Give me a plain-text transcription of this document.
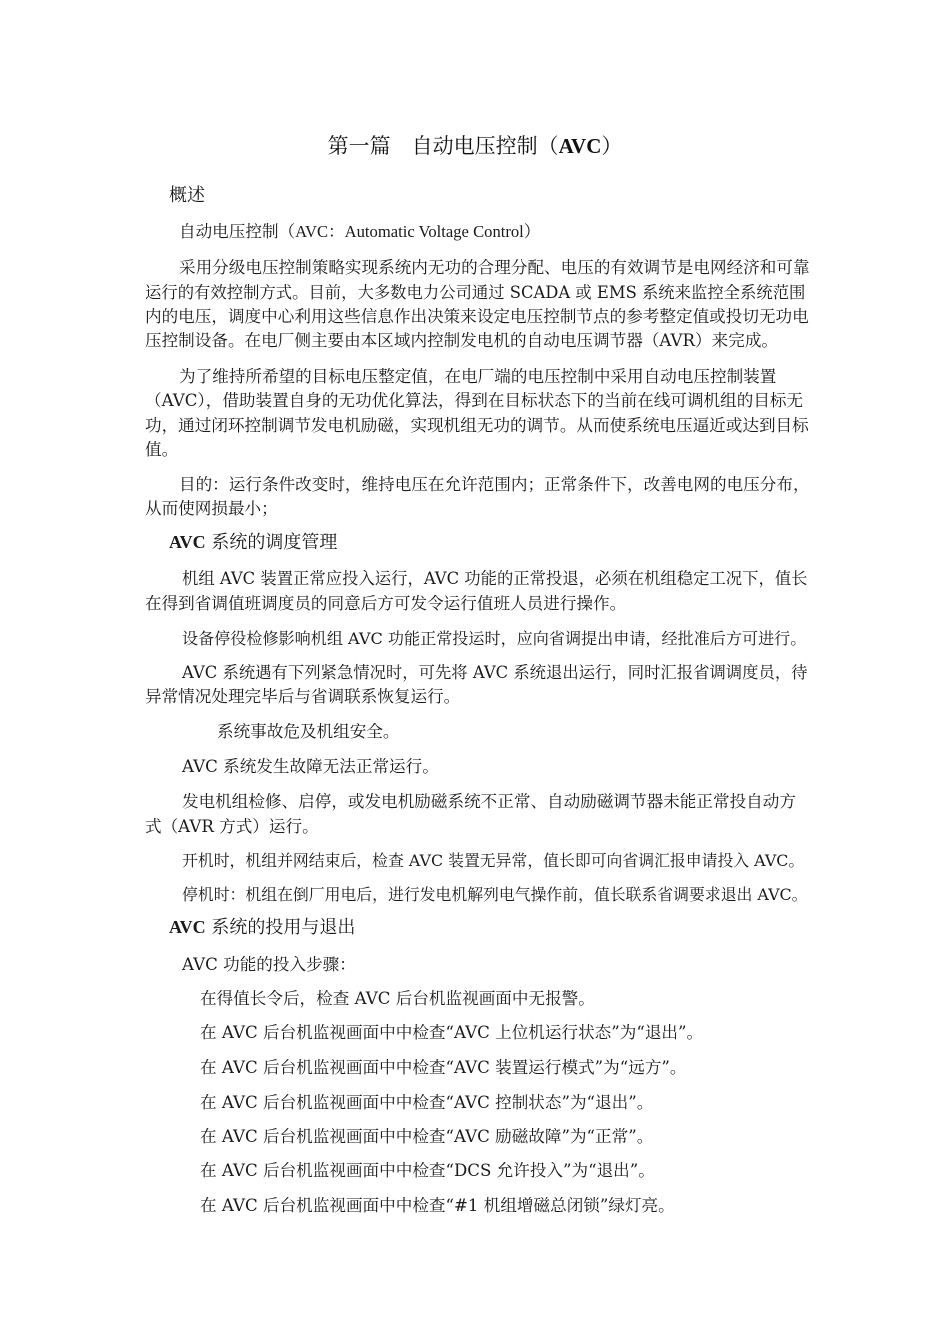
第一篇　自动电压控制（AVC）
概述
自动电压控制（AVC：Automatic Voltage Control）
采用分级电压控制策略实现系统内无功的合理分配、电压的有效调节是电网经济和可靠
运行的有效控制方式。目前，大多数电力公司通过 SCADA 或 EMS 系统来监控全系统范围
内的电压，调度中心利用这些信息作出决策来设定电压控制节点的参考整定值或投切无功电
压控制设备。在电厂侧主要由本区域内控制发电机的自动电压调节器（AVR）来完成。
为了维持所希望的目标电压整定值，在电厂端的电压控制中采用自动电压控制装置
（AVC），借助装置自身的无功优化算法，得到在目标状态下的当前在线可调机组的目标无
功，通过闭环控制调节发电机励磁，实现机组无功的调节。从而使系统电压逼近或达到目标
值。
目的：运行条件改变时，维持电压在允许范围内；正常条件下，改善电网的电压分布，
从而使网损最小；
AVC 系统的调度管理
机组 AVC 装置正常应投入运行，AVC 功能的正常投退，必须在机组稳定工况下，值长
在得到省调值班调度员的同意后方可发令运行值班人员进行操作。
设备停役检修影响机组 AVC 功能正常投运时，应向省调提出申请，经批准后方可进行。
AVC 系统遇有下列紧急情况时，可先将 AVC 系统退出运行，同时汇报省调调度员，待
异常情况处理完毕后与省调联系恢复运行。
系统事故危及机组安全。
AVC 系统发生故障无法正常运行。
发电机组检修、启停，或发电机励磁系统不正常、自动励磁调节器未能正常投自动方
式（AVR 方式）运行。
开机时，机组并网结束后，检查 AVC 装置无异常，值长即可向省调汇报申请投入 AVC。
停机时：机组在倒厂用电后，进行发电机解列电气操作前，值长联系省调要求退出 AVC。
AVC 系统的投用与退出
AVC 功能的投入步骤：
在得值长令后，检查 AVC 后台机监视画面中无报警。
在 AVC 后台机监视画面中中检查“AVC 上位机运行状态”为“退出”。
在 AVC 后台机监视画面中中检查“AVC 装置运行模式”为“远方”。
在 AVC 后台机监视画面中中检查“AVC 控制状态”为“退出”。
在 AVC 后台机监视画面中中检查“AVC 励磁故障”为“正常”。
在 AVC 后台机监视画面中中检查“DCS 允许投入”为“退出”。
在 AVC 后台机监视画面中中检查“#1 机组增磁总闭锁”绿灯亮。
